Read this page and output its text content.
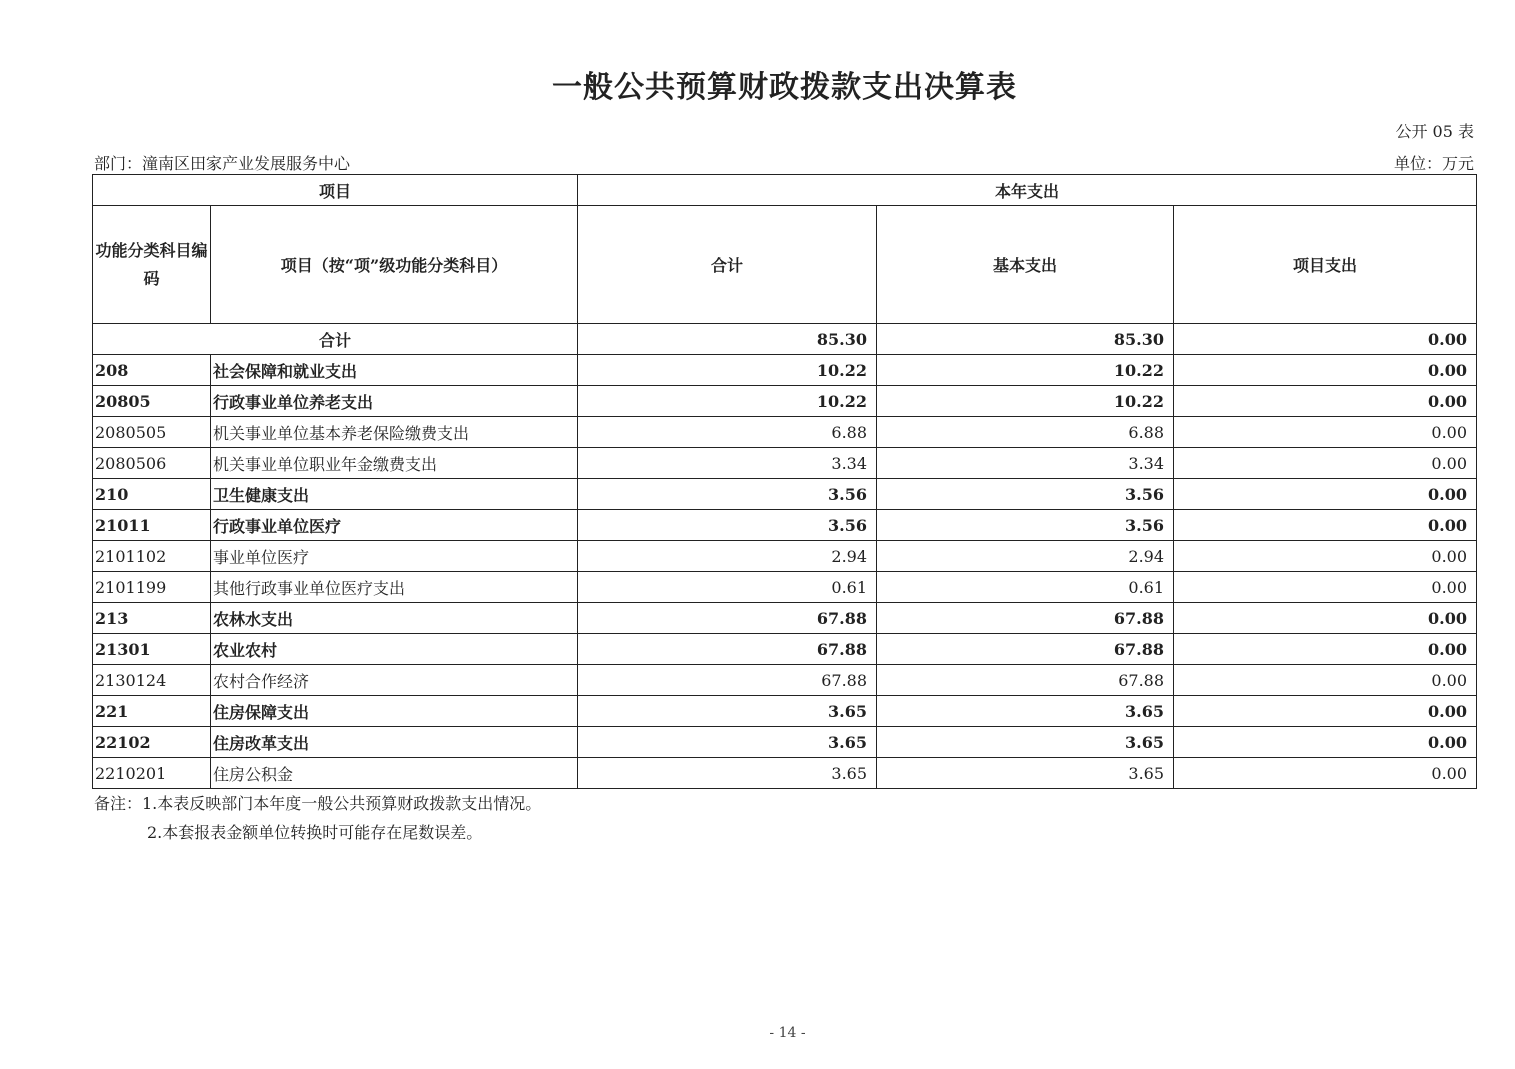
一般公共预算财政拨款支出决算表
公开 05 表
部门：潼南区田家产业发展服务中心	单位：万元
项目		本年支出		
功能分类科目编码	项目（按“项”级功能分类科目）	合计	基本支出	项目支出
合计		85.30	85.30	0.00
208	社会保障和就业支出	10.22	10.22	0.00
20805	行政事业单位养老支出	10.22	10.22	0.00
2080505	机关事业单位基本养老保险缴费支出	6.88	6.88	0.00
2080506	机关事业单位职业年金缴费支出	3.34	3.34	0.00
210	卫生健康支出	3.56	3.56	0.00
21011	行政事业单位医疗	3.56	3.56	0.00
2101102	事业单位医疗	2.94	2.94	0.00
2101199	其他行政事业单位医疗支出	0.61	0.61	0.00
213	农林水支出	67.88	67.88	0.00
21301	农业农村	67.88	67.88	0.00
2130124	农村合作经济	67.88	67.88	0.00
221	住房保障支出	3.65	3.65	0.00
22102	住房改革支出	3.65	3.65	0.00
2210201	住房公积金	3.65	3.65	0.00
备注：1.本表反映部门本年度一般公共预算财政拨款支出情况。
2.本套报表金额单位转换时可能存在尾数误差。
- 14 -
